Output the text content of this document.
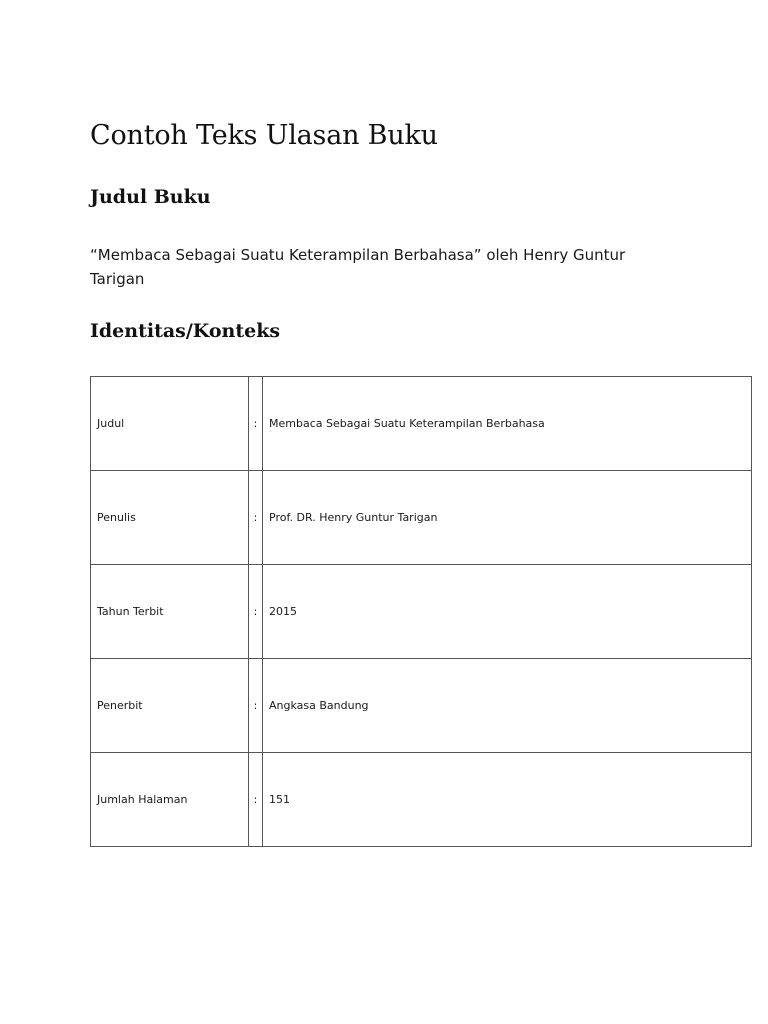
Contoh Teks Ulasan Buku
Judul Buku

“Membaca Sebagai Suatu Keterampilan Berbahasa” oleh Henry Guntur Tarigan

Identitas/Konteks
Judul	:	Membaca Sebagai Suatu Keterampilan Berbahasa
Penulis	:	Prof. DR. Henry Guntur Tarigan
Tahun Terbit	:	2015
Penerbit	:	Angkasa Bandung
Jumlah Halaman	:	151
